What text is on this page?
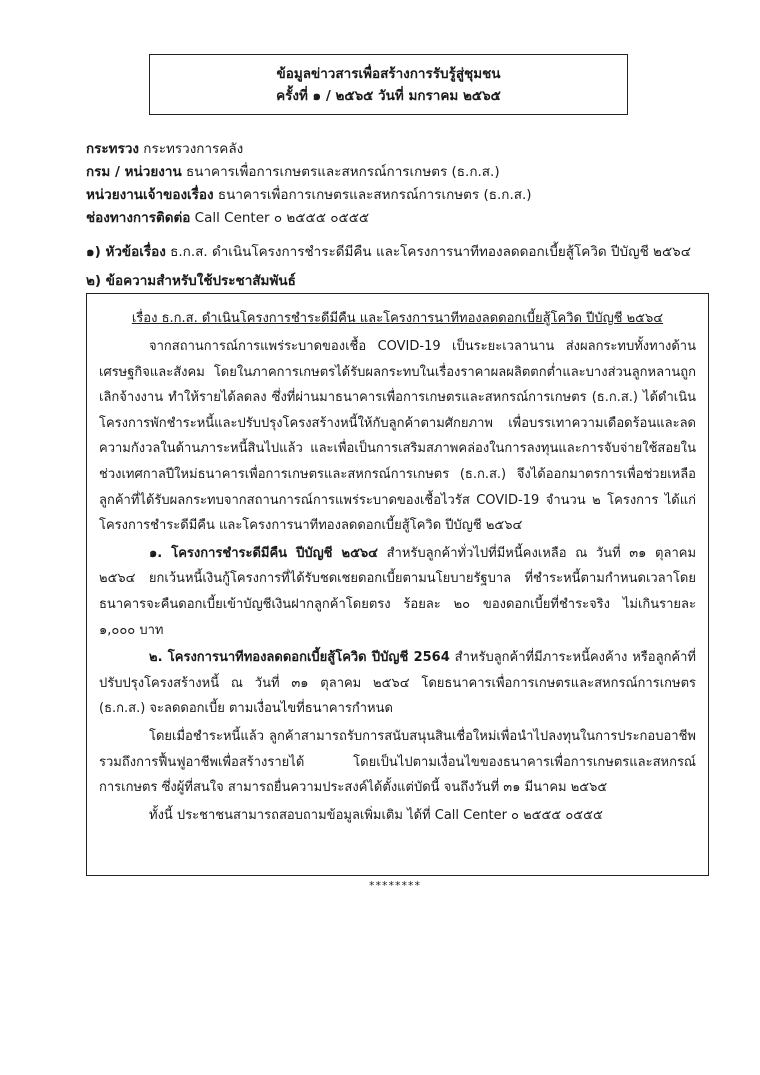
ข้อมูลข่าวสารเพื่อสร้างการรับรู้สู่ชุมชน
ครั้งที่ ๑ / ๒๕๖๕ วันที่ มกราคม ๒๕๖๕
กระทรวง กระทรวงการคลัง
กรม / หน่วยงาน ธนาคารเพื่อการเกษตรและสหกรณ์การเกษตร (ธ.ก.ส.)
หน่วยงานเจ้าของเรื่อง ธนาคารเพื่อการเกษตรและสหกรณ์การเกษตร (ธ.ก.ส.)
ช่องทางการติดต่อ Call Center ๐ ๒๕๕๕ ๐๕๕๕
๑) หัวข้อเรื่อง ธ.ก.ส. ดำเนินโครงการชำระดีมีคืน และโครงการนาทีทองลดดอกเบี้ยสู้โควิด ปีบัญชี ๒๕๖๔
๒) ข้อความสำหรับใช้ประชาสัมพันธ์
เรื่อง ธ.ก.ส. ดำเนินโครงการชำระดีมีคืน และโครงการนาทีทองลดดอกเบี้ยสู้โควิด ปีบัญชี ๒๕๖๔

จากสถานการณ์การแพร่ระบาดของเชื้อ COVID-19 เป็นระยะเวลานาน ส่งผลกระทบทั้งทางด้านเศรษฐกิจและสังคม โดยในภาคการเกษตรได้รับผลกระทบในเรื่องราคาผลผลิตตกต่ำและบางส่วนลูกหลานถูกเลิกจ้างงาน ทำให้รายได้ลดลง ซึ่งที่ผ่านมาธนาคารเพื่อการเกษตรและสหกรณ์การเกษตร (ธ.ก.ส.) ได้ดำเนินโครงการพักชำระหนี้และปรับปรุงโครงสร้างหนี้ให้กับลูกค้าตามศักยภาพ เพื่อบรรเทาความเดือดร้อนและลดความกังวลในด้านภาระหนี้สินไปแล้ว และเพื่อเป็นการเสริมสภาพคล่องในการลงทุนและการจับจ่ายใช้สอยในช่วงเทศกาลปีใหม่ธนาคารเพื่อการเกษตรและสหกรณ์การเกษตร (ธ.ก.ส.) จึงได้ออกมาตรการเพื่อช่วยเหลือลูกค้าที่ได้รับผลกระทบจากสถานการณ์การแพร่ระบาดของเชื้อไวรัส COVID-19 จำนวน ๒ โครงการ ได้แก่ โครงการชำระดีมีคืน และโครงการนาทีทองลดดอกเบี้ยสู้โควิด ปีบัญชี ๒๕๖๔

๑. โครงการชำระดีมีคืน ปีบัญชี ๒๕๖๔ สำหรับลูกค้าทั่วไปที่มีหนี้คงเหลือ ณ วันที่ ๓๑ ตุลาคม ๒๕๖๔ ยกเว้นหนี้เงินกู้โครงการที่ได้รับชดเชยดอกเบี้ยตามนโยบายรัฐบาล ที่ชำระหนี้ตามกำหนดเวลาโดยธนาคารจะคืนดอกเบี้ยเข้าบัญชีเงินฝากลูกค้าโดยตรง ร้อยละ ๒๐ ของดอกเบี้ยที่ชำระจริง ไม่เกินรายละ ๑,๐๐๐ บาท

๒. โครงการนาทีทองลดดอกเบี้ยสู้โควิด ปีบัญชี 2564 สำหรับลูกค้าที่มีภาระหนี้คงค้าง หรือลูกค้าที่ปรับปรุงโครงสร้างหนี้ ณ วันที่ ๓๑ ตุลาคม ๒๕๖๔ โดยธนาคารเพื่อการเกษตรและสหกรณ์การเกษตร (ธ.ก.ส.) จะลดดอกเบี้ย ตามเงื่อนไขที่ธนาคารกำหนด

โดยเมื่อชำระหนี้แล้ว ลูกค้าสามารถรับการสนับสนุนสินเชื่อใหม่เพื่อนำไปลงทุนในการประกอบอาชีพรวมถึงการฟื้นฟูอาชีพเพื่อสร้างรายได้ โดยเป็นไปตามเงื่อนไขของธนาคารเพื่อการเกษตรและสหกรณ์การเกษตร ซึ่งผู้ที่สนใจ สามารถยื่นความประสงค์ได้ตั้งแต่บัดนี้ จนถึงวันที่ ๓๑ มีนาคม ๒๕๖๕

ทั้งนี้ ประชาชนสามารถสอบถามข้อมูลเพิ่มเติม ได้ที่ Call Center ๐ ๒๕๕๕ ๐๕๕๕

********
